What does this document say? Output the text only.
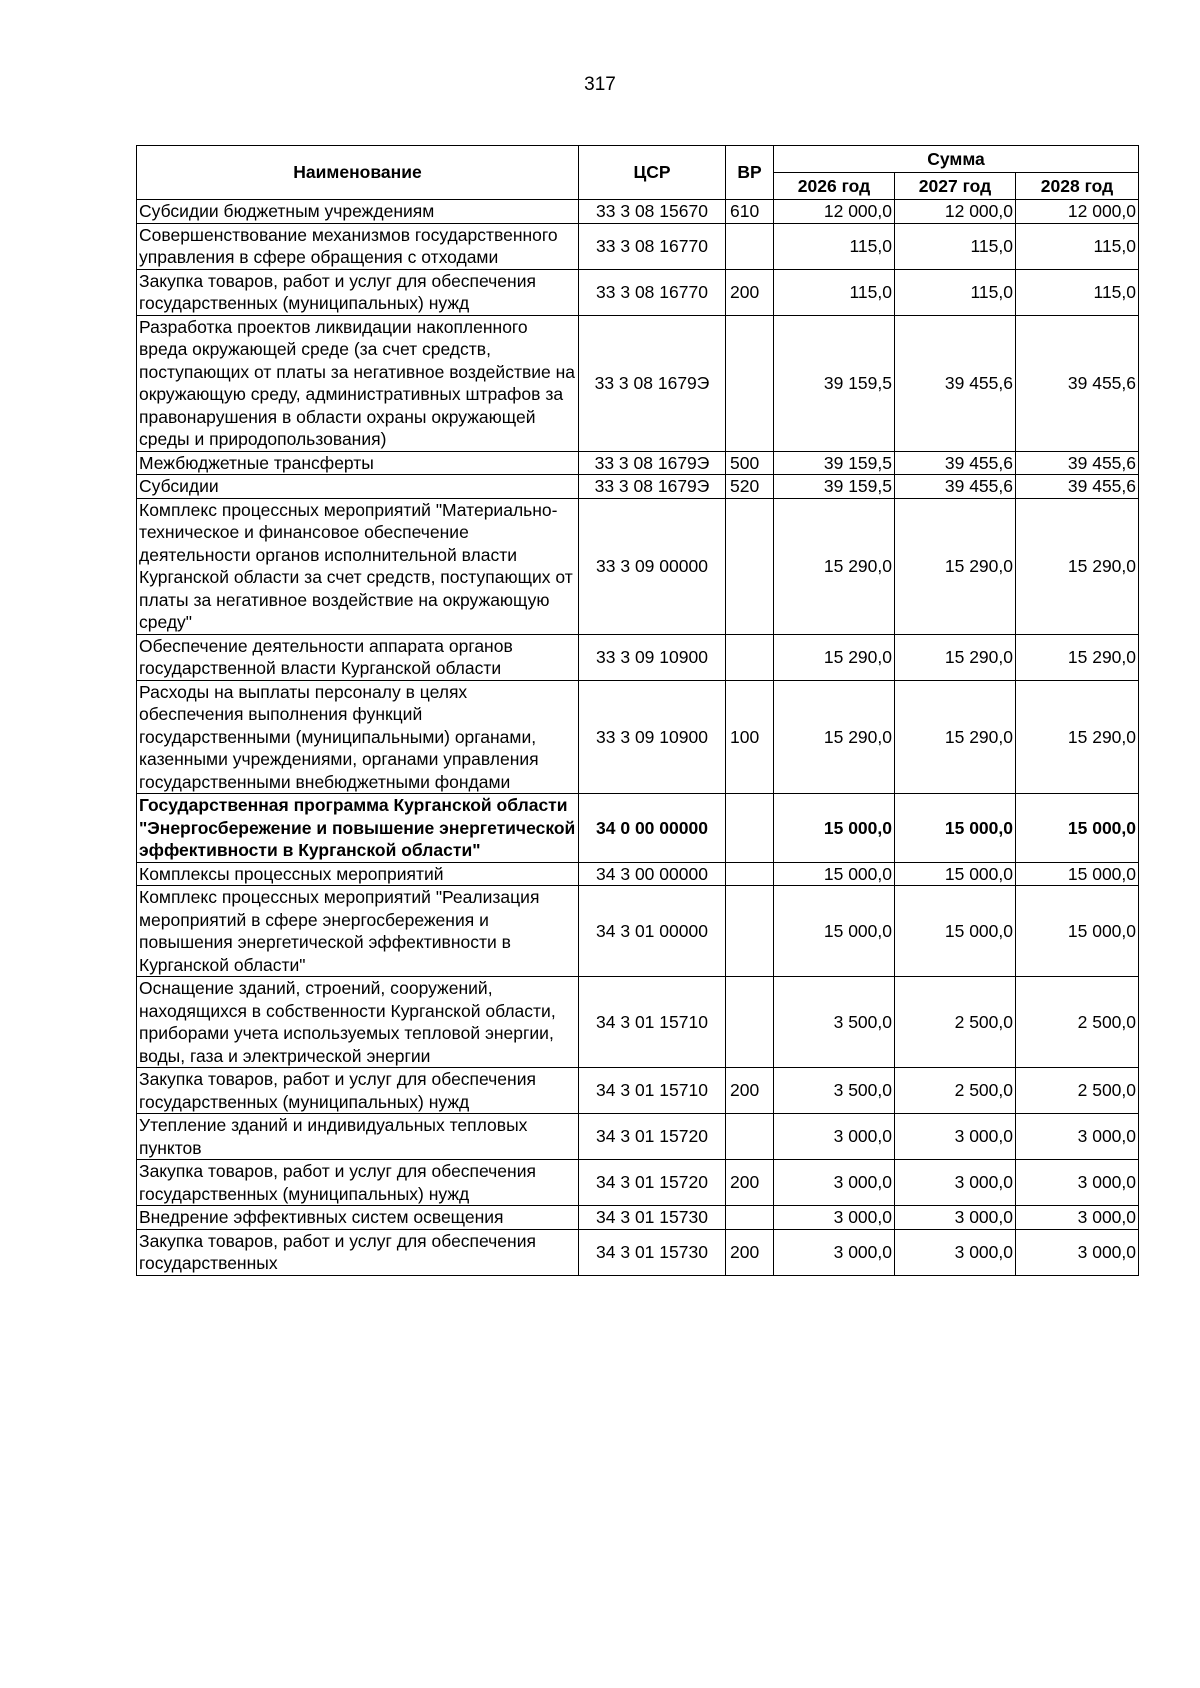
317
Наименование	ЦСР	ВР	Сумма		
			2026 год	2027 год	2028 год
Субсидии бюджетным учреждениям	33 3 08 15670	610	12 000,0	12 000,0	12 000,0
Совершенствование механизмов государственного управления в сфере обращения с отходами	33 3 08 16770		115,0	115,0	115,0
Закупка товаров, работ и услуг для обеспечения государственных (муниципальных) нужд	33 3 08 16770	200	115,0	115,0	115,0
Разработка проектов ликвидации накопленного вреда окружающей среде (за счет средств, поступающих от платы за негативное воздействие на окружающую среду, административных штрафов за правонарушения в области охраны окружающей среды и природопользования)	33 3 08 1679Э		39 159,5	39 455,6	39 455,6
Межбюджетные трансферты	33 3 08 1679Э	500	39 159,5	39 455,6	39 455,6
Субсидии	33 3 08 1679Э	520	39 159,5	39 455,6	39 455,6
Комплекс процессных мероприятий "Материально-техническое и финансовое обеспечение деятельности органов исполнительной власти Курганской области за счет средств, поступающих от платы за негативное воздействие на окружающую среду"	33 3 09 00000		15 290,0	15 290,0	15 290,0
Обеспечение деятельности аппарата органов государственной власти Курганской области	33 3 09 10900		15 290,0	15 290,0	15 290,0
Расходы на выплаты персоналу в целях обеспечения выполнения функций государственными (муниципальными) органами, казенными учреждениями, органами управления государственными внебюджетными фондами	33 3 09 10900	100	15 290,0	15 290,0	15 290,0
Государственная программа Курганской области "Энергосбережение и повышение энергетической эффективности в Курганской области"	34 0 00 00000		15 000,0	15 000,0	15 000,0
Комплексы процессных мероприятий	34 3 00 00000		15 000,0	15 000,0	15 000,0
Комплекс процессных мероприятий "Реализация мероприятий в сфере энергосбережения и повышения энергетической эффективности в Курганской области"	34 3 01 00000		15 000,0	15 000,0	15 000,0
Оснащение зданий, строений, сооружений, находящихся в собственности Курганской области, приборами учета используемых тепловой энергии, воды, газа и электрической энергии	34 3 01 15710		3 500,0	2 500,0	2 500,0
Закупка товаров, работ и услуг для обеспечения государственных (муниципальных) нужд	34 3 01 15710	200	3 500,0	2 500,0	2 500,0
Утепление зданий и индивидуальных тепловых пунктов	34 3 01 15720		3 000,0	3 000,0	3 000,0
Закупка товаров, работ и услуг для обеспечения государственных (муниципальных) нужд	34 3 01 15720	200	3 000,0	3 000,0	3 000,0
Внедрение эффективных систем освещения	34 3 01 15730		3 000,0	3 000,0	3 000,0
Закупка товаров, работ и услуг для обеспечения государственных	34 3 01 15730	200	3 000,0	3 000,0	3 000,0
